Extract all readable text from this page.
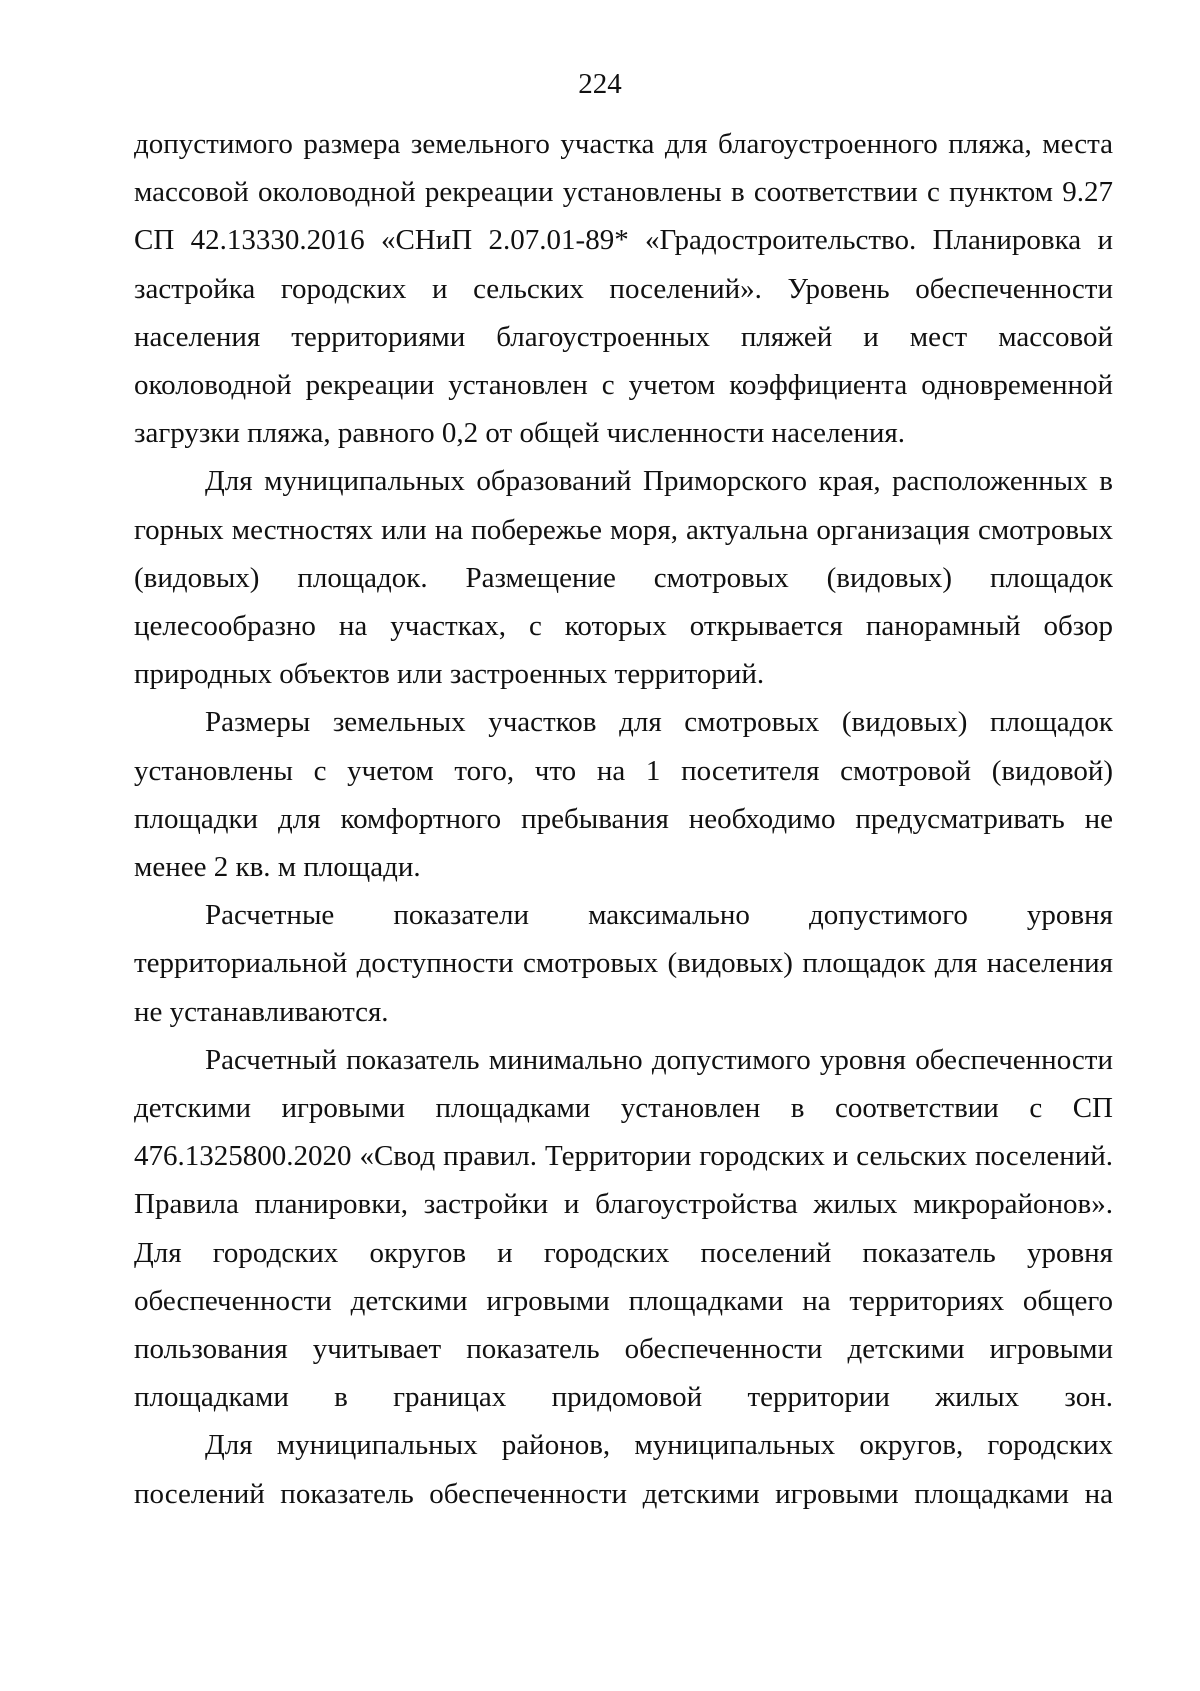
224

допустимого размера земельного участка для благоустроенного пляжа, места массовой околоводной рекреации установлены в соответствии с пунктом 9.27 СП 42.13330.2016 «СНиП 2.07.01-89* «Градостроительство. Планировка и застройка городских и сельских поселений». Уровень обеспеченности населения территориями благоустроенных пляжей и мест массовой околоводной рекреации установлен с учетом коэффициента одновременной загрузки пляжа, равного 0,2 от общей численности населения.

Для муниципальных образований Приморского края, расположенных в горных местностях или на побережье моря, актуальна организация смотровых (видовых) площадок. Размещение смотровых (видовых) площадок целесообразно на участках, с которых открывается панорамный обзор природных объектов или застроенных территорий.

Размеры земельных участков для смотровых (видовых) площадок установлены с учетом того, что на 1 посетителя смотровой (видовой) площадки для комфортного пребывания необходимо предусматривать не менее 2 кв. м площади.

Расчетные показатели максимально допустимого уровня территориальной доступности смотровых (видовых) площадок для населения не устанавливаются.

Расчетный показатель минимально допустимого уровня обеспеченности детскими игровыми площадками установлен в соответствии с СП 476.1325800.2020 «Свод правил. Территории городских и сельских поселений. Правила планировки, застройки и благоустройства жилых микрорайонов». Для городских округов и городских поселений показатель уровня обеспеченности детскими игровыми площадками на территориях общего пользования учитывает показатель обеспеченности детскими игровыми площадками в границах придомовой территории жилых зон.

Для муниципальных районов, муниципальных округов, городских поселений показатель обеспеченности детскими игровыми площадками на
